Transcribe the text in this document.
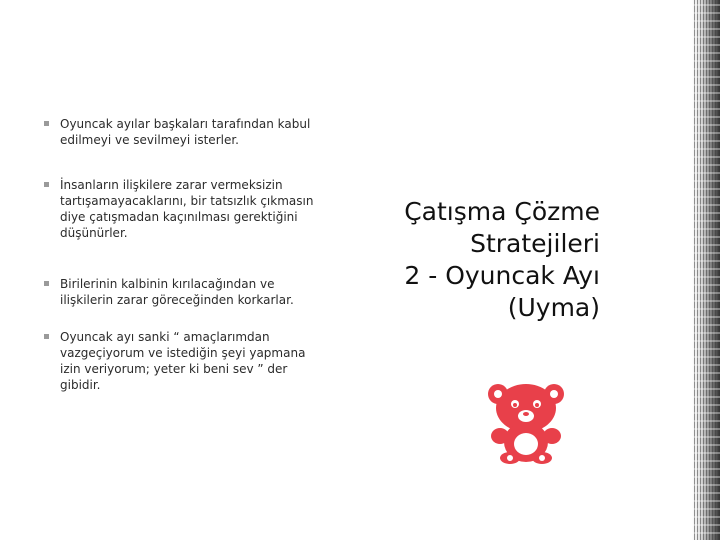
Oyuncak ayılar başkaları tarafından kabul edilmeyi ve sevilmeyi isterler.
İnsanların ilişkilere zarar vermeksizin tartışamayacaklarını, bir tatsızlık çıkmasın diye çatışmadan kaçınılması gerektiğini düşünürler.
Birilerinin kalbinin kırılacağından ve ilişkilerin zarar göreceğinden korkarlar.
Oyuncak ayı sanki “ amaçlarımdan vazgeçiyorum ve istediğin şeyi yapmana izin veriyorum; yeter ki beni sev ” der gibidir.
Çatışma Çözme
Stratejileri
2 - Oyuncak Ayı
(Uyma)
